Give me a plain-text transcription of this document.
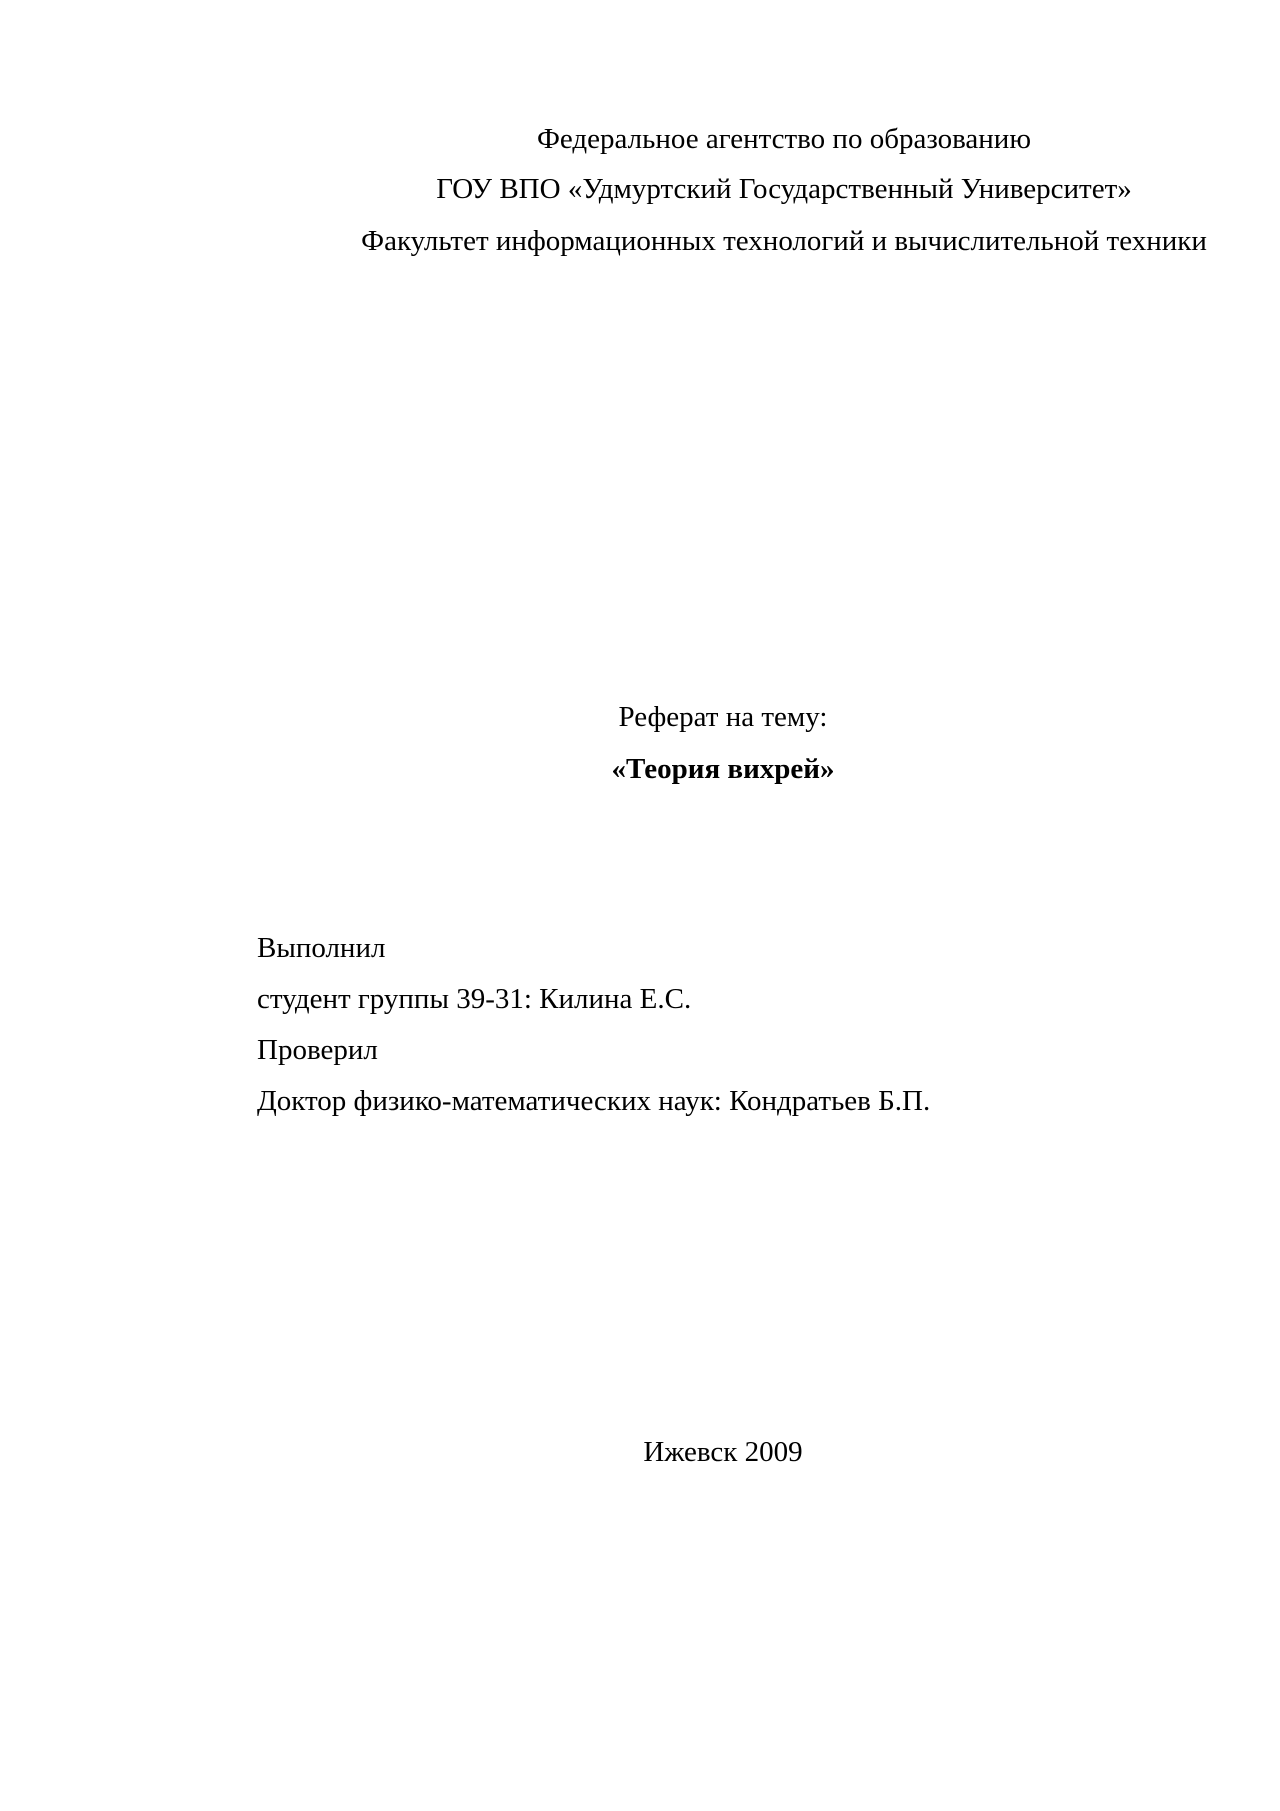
Федеральное агентство по образованию
ГОУ ВПО «Удмуртский Государственный Университет»
Факультет информационных технологий и вычислительной техники
Реферат на тему:
«Теория вихрей»
Выполнил
студент группы 39-31: Килина Е.С.
Проверил
Доктор физико-математических наук: Кондратьев Б.П.
Ижевск 2009
